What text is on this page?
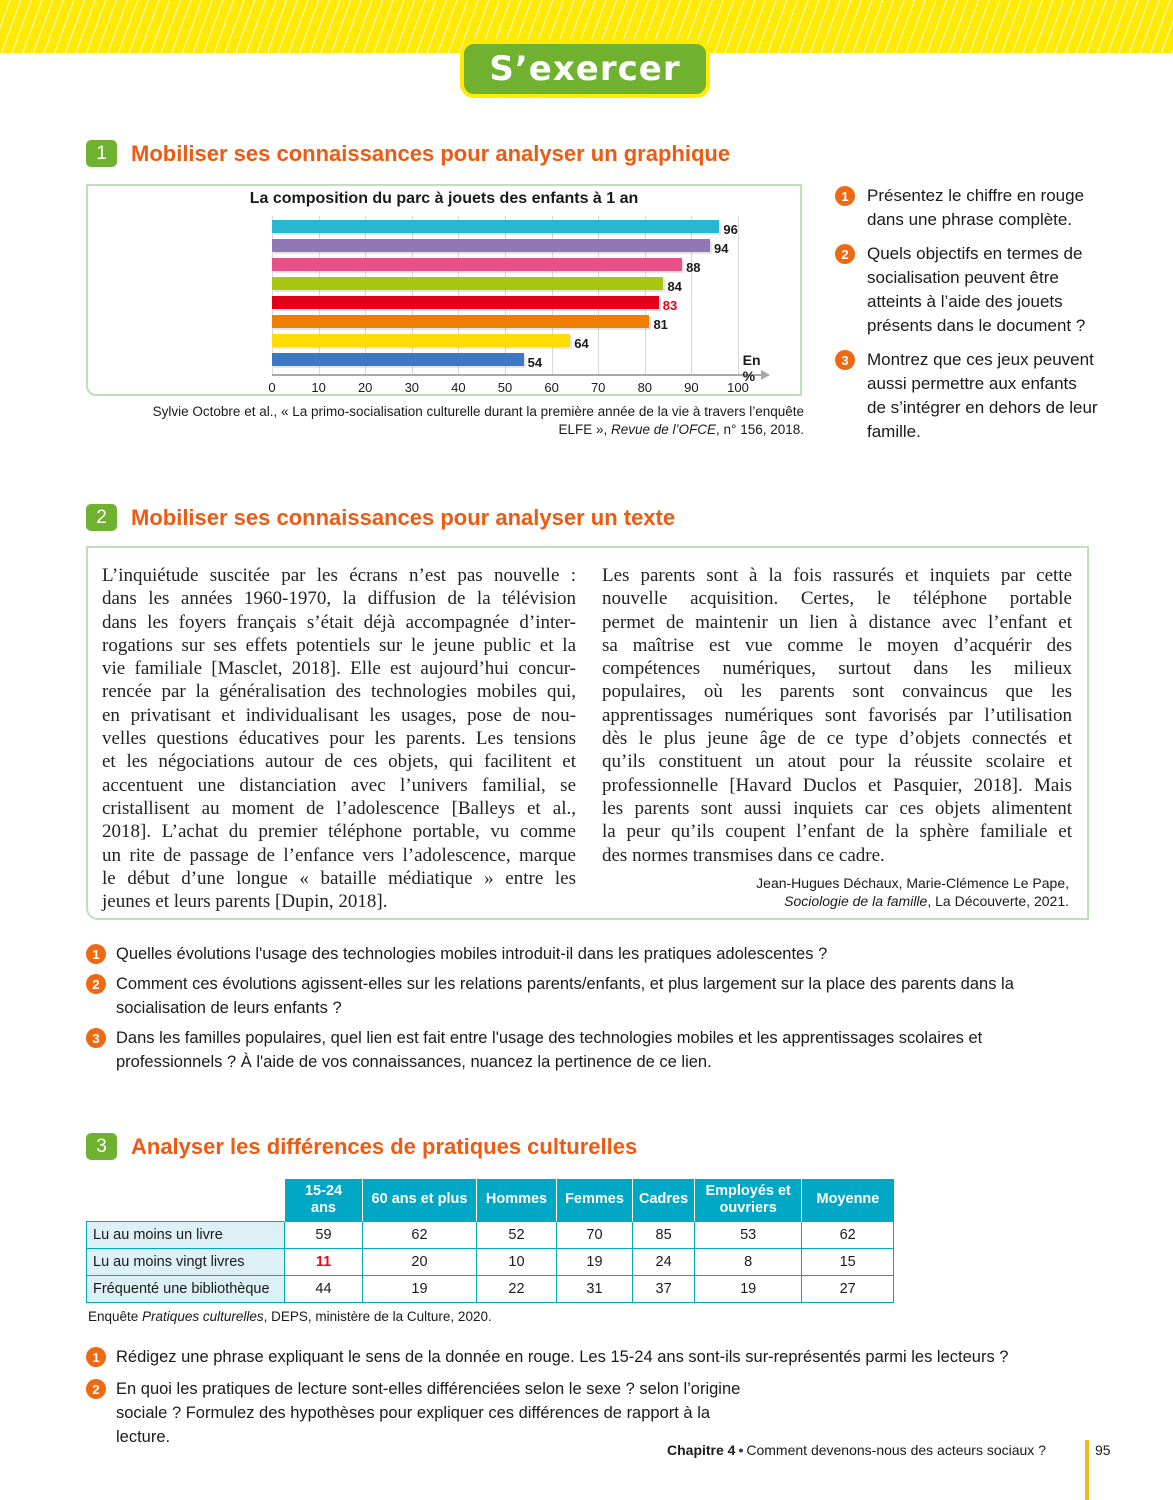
S’exercer
1	Mobiliser ses connaissances pour analyser un graphique
La composition du parc à jouets des enfants à 1 an
96
94
88
84
83
81
64
54
0	10 20 30 40 50 60 70 80 90 100
En %
Sylvie Octobre et al., « La primo-socialisation culturelle durant la première année de la vie à travers l’enquête
ELFE », Revue de l’OFCE, n° 156, 2018.
1	Présentez le chiffre en rouge dans une phrase complète.
2	Quels objectifs en termes de socialisation peuvent être atteints à l’aide des jouets présents dans le document ?
3	Montrez que ces jeux peuvent aussi permettre aux enfants de s’intégrer en dehors de leur famille.
2	Mobiliser ses connaissances pour analyser un texte
L’inquiétude suscitée par les écrans n’est pas nouvelle :
dans les années 1960-1970, la diffusion de la télévision
dans les foyers français s’était déjà accompagnée d’inter-
rogations sur ses effets potentiels sur le jeune public et la
vie familiale [Masclet, 2018]. Elle est aujourd’hui concur-
rencée par la généralisation des technologies mobiles qui,
en privatisant et individualisant les usages, pose de nou-
velles questions éducatives pour les parents. Les tensions
et les négociations autour de ces objets, qui facilitent et
accentuent une distanciation avec l’univers familial, se
cristallisent au moment de l’adolescence [Balleys et al.,
2018]. L’achat du premier téléphone portable, vu comme
un rite de passage de l’enfance vers l’adolescence, marque
le début d’une longue « bataille médiatique » entre les
jeunes et leurs parents [Dupin, 2018].
Les parents sont à la fois rassurés et inquiets par cette
nouvelle acquisition. Certes, le téléphone portable
permet de maintenir un lien à distance avec l’enfant et
sa maîtrise est vue comme le moyen d’acquérir des
compétences numériques, surtout dans les milieux
populaires, où les parents sont convaincus que les
apprentissages numériques sont favorisés par l’utilisation
dès le plus jeune âge de ce type d’objets connectés et
qu’ils constituent un atout pour la réussite scolaire et
professionnelle [Havard Duclos et Pasquier, 2018]. Mais
les parents sont aussi inquiets car ces objets alimentent
la peur qu’ils coupent l’enfant de la sphère familiale et
des normes transmises dans ce cadre.
Jean-Hugues Déchaux, Marie-Clémence Le Pape,
Sociologie de la famille, La Découverte, 2021.
1 Quelles évolutions l'usage des technologies mobiles introduit-il dans les pratiques adolescentes ?
2 Comment ces évolutions agissent-elles sur les relations parents/enfants, et plus largement sur la place des parents dans la socialisation de leurs enfants ?
3 Dans les familles populaires, quel lien est fait entre l'usage des technologies mobiles et les apprentissages scolaires et professionnels ? À l'aide de vos connaissances, nuancez la pertinence de ce lien.
3	Analyser les différences de pratiques culturelles
	15-24 ans	60 ans et plus	Hommes	Femmes	Cadres	Employés et ouvriers	Moyenne
Lu au moins un livre	59	62	52	70	85	53	62
Lu au moins vingt livres	11	20	10	19	24	8	15
Fréquenté une bibliothèque	44	19	22	31	37	19	27
Enquête Pratiques culturelles, DEPS, ministère de la Culture, 2020.
1 Rédigez une phrase expliquant le sens de la donnée en rouge. Les 15-24 ans sont-ils sur-représentés parmi les lecteurs ?
2 En quoi les pratiques de lecture sont-elles différenciées selon le sexe ? selon l’origine sociale ? Formulez des hypothèses pour expliquer ces différences de rapport à la lecture.
Chapitre 4 • Comment devenons-nous des acteurs sociaux ?	95
